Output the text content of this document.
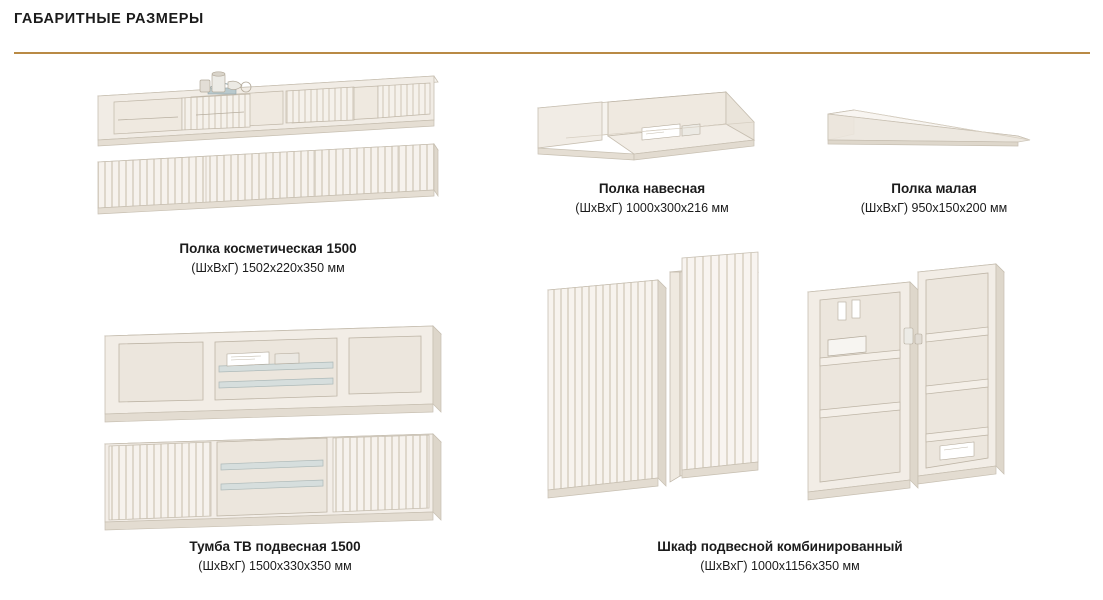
ГАБАРИТНЫЕ РАЗМЕРЫ
Полка косметическая 1500
(ШхВхГ) 1502х220х350 мм
Полка навесная
(ШхВхГ) 1000х300х216 мм
Полка малая
(ШхВхГ) 950х150х200 мм
Тумба ТВ подвесная 1500
(ШхВхГ) 1500х330х350 мм
Шкаф подвесной комбинированный
(ШхВхГ) 1000х1156х350 мм
